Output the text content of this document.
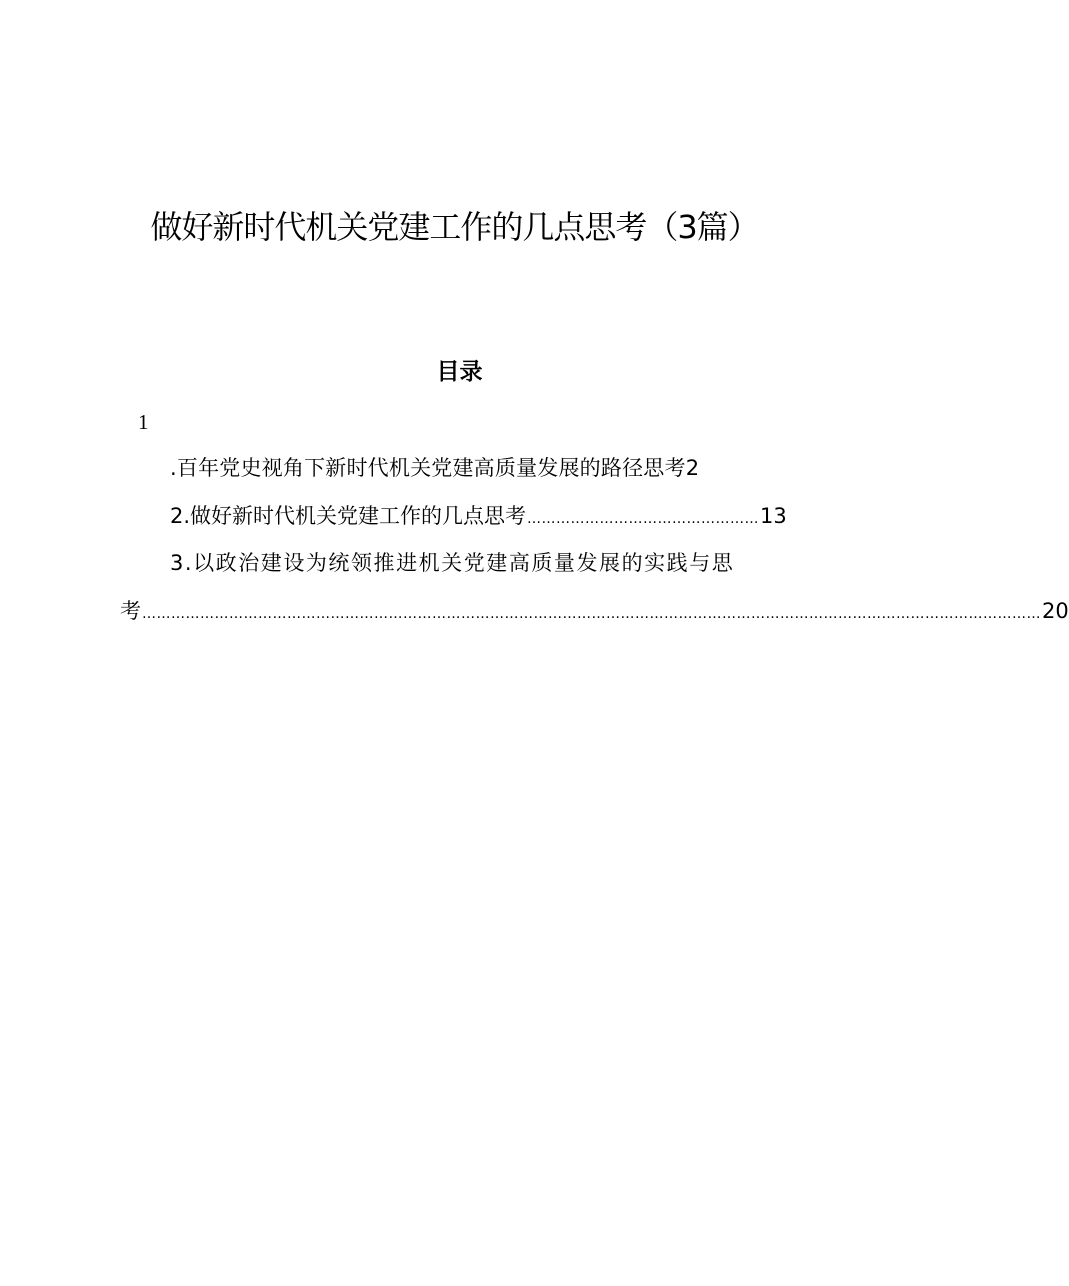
做好新时代机关党建工作的几点思考（3篇）
目录
1
.百年党史视角下新时代机关党建高质量发展的路径思考 2
2.做好新时代机关党建工作的几点思考 ………………………………………… 13
3.以政治建设为统领推进机关党建高质量发展的实践与思
考 …………………………………………………………………………………………………………………………………………………………………… 20
